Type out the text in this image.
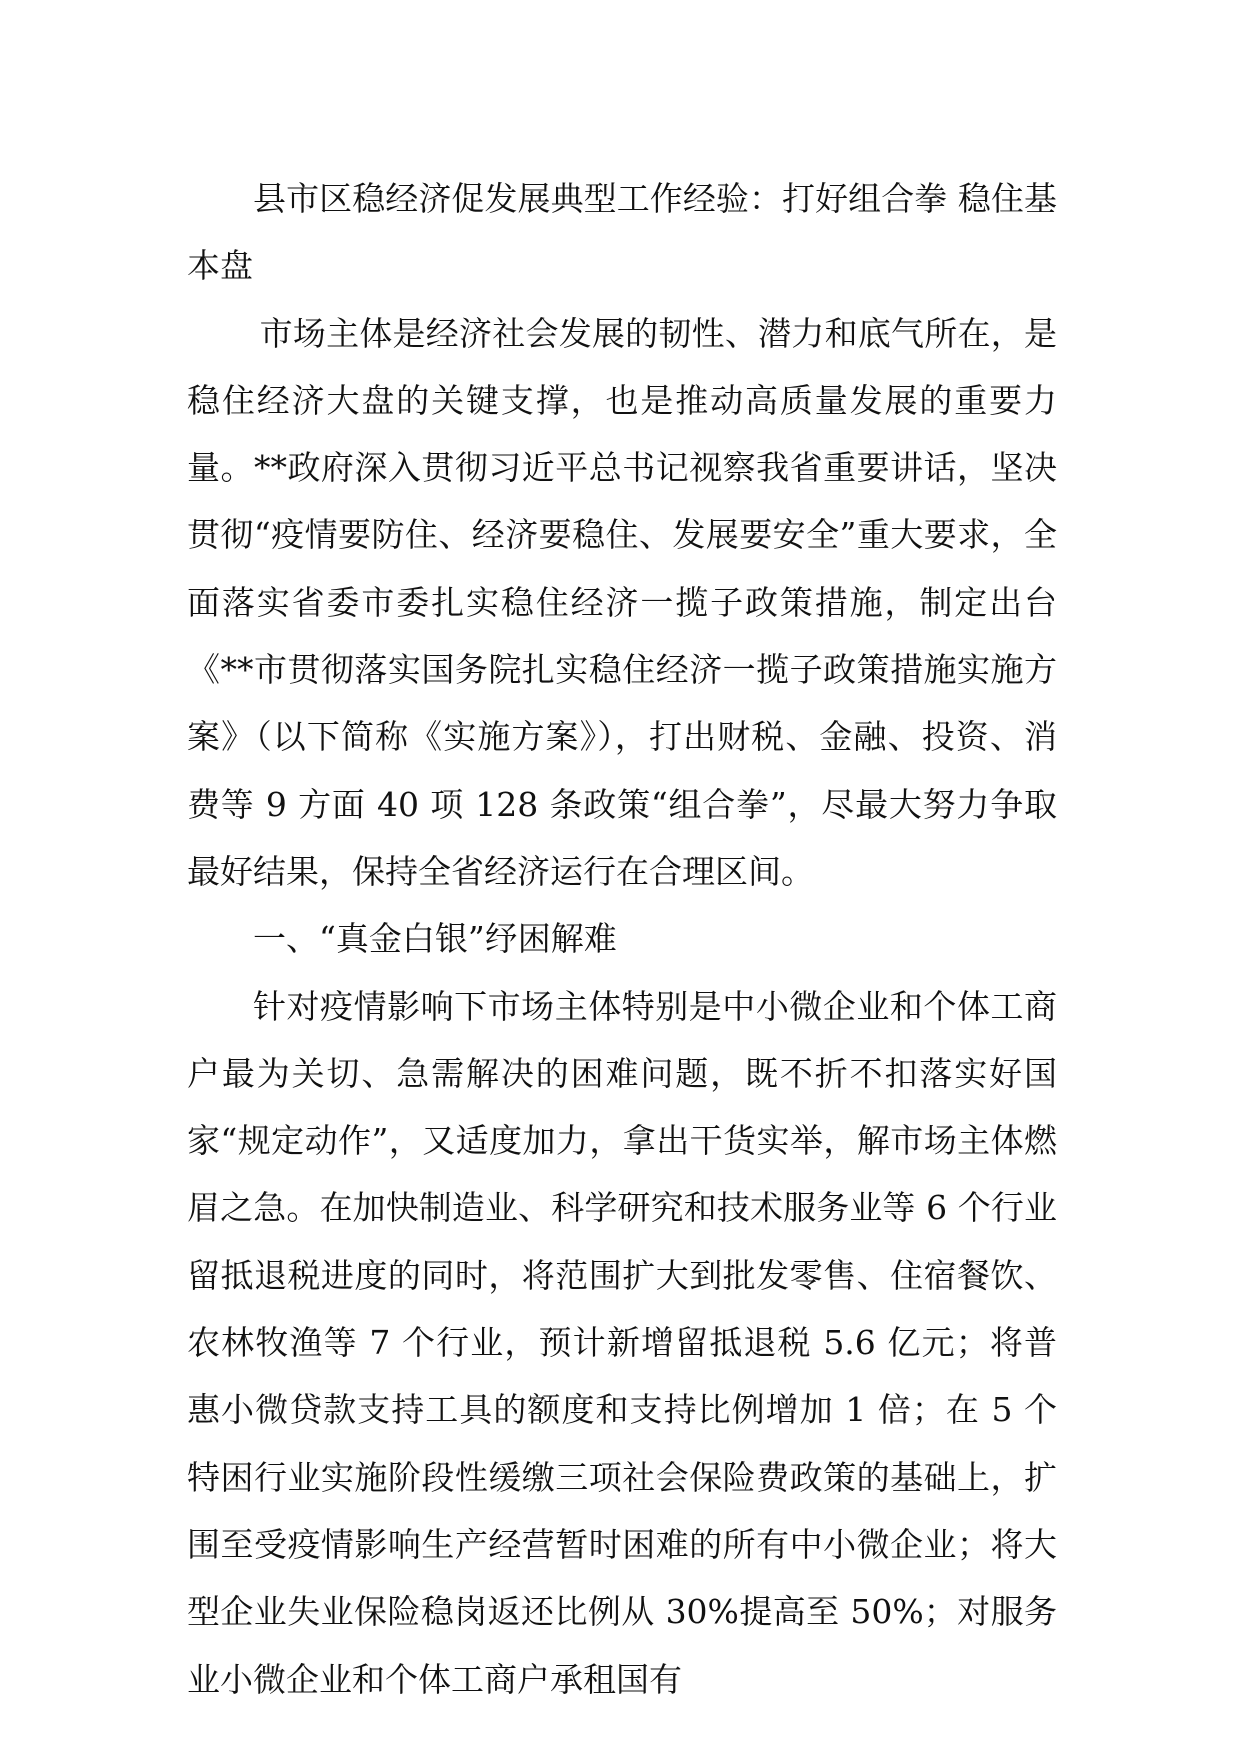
县市区稳经济促发展典型工作经验：打好组合拳 稳住基本盘

市场主体是经济社会发展的韧性、潜力和底气所在，是稳住经济大盘的关键支撑，也是推动高质量发展的重要力量。**政府深入贯彻习近平总书记视察我省重要讲话，坚决贯彻“疫情要防住、经济要稳住、发展要安全”重大要求，全面落实省委市委扎实稳住经济一揽子政策措施，制定出台《**市贯彻落实国务院扎实稳住经济一揽子政策措施实施方案》（以下简称《实施方案》），打出财税、金融、投资、消费等 9 方面 40 项 128 条政策“组合拳”，尽最大努力争取最好结果，保持全省经济运行在合理区间。

一、“真金白银”纾困解难

针对疫情影响下市场主体特别是中小微企业和个体工商户最为关切、急需解决的困难问题，既不折不扣落实好国家“规定动作”，又适度加力，拿出干货实举，解市场主体燃眉之急。在加快制造业、科学研究和技术服务业等 6 个行业留抵退税进度的同时，将范围扩大到批发零售、住宿餐饮、农林牧渔等 7 个行业，预计新增留抵退税 5.6 亿元；将普惠小微贷款支持工具的额度和支持比例增加 1 倍；在 5 个特困行业实施阶段性缓缴三项社会保险费政策的基础上，扩围至受疫情影响生产经营暂时困难的所有中小微企业；将大型企业失业保险稳岗返还比例从 30%提高至 50%；对服务业小微企业和个体工商户承租国有
